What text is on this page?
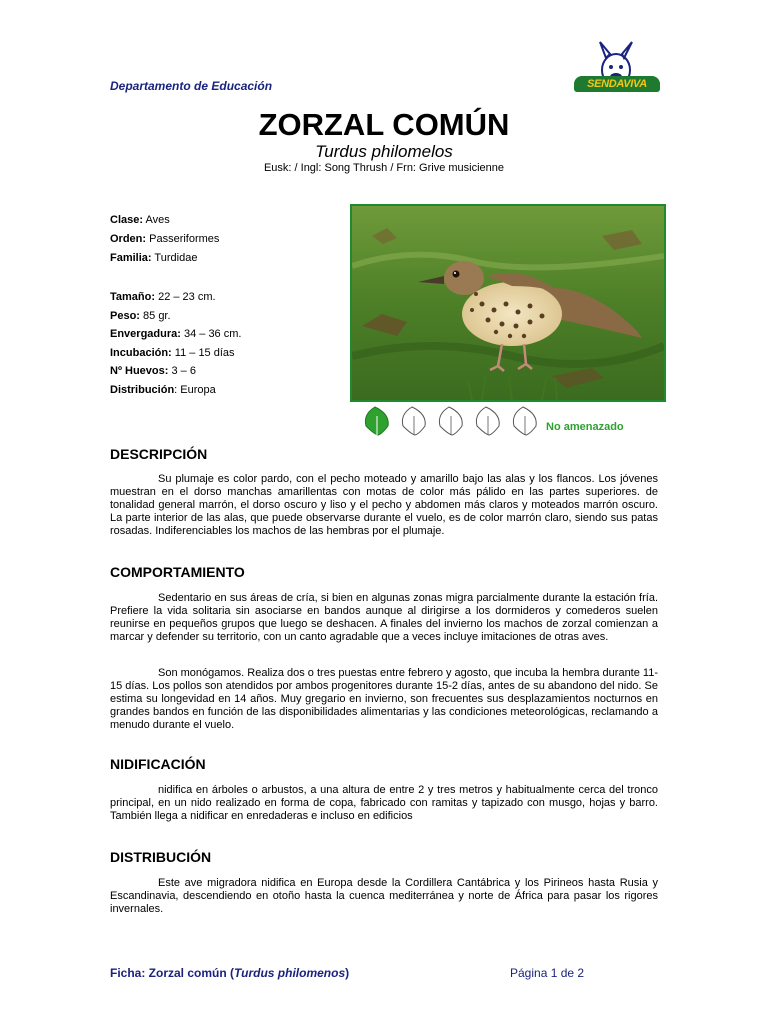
Departamento de Educación	SENDAVIVA
ZORZAL COMÚN
Turdus philomelos
Eusk: / Ingl: Song Thrush / Frn: Grive musicienne
Clase: Aves
Orden: Passeriformes
Familia: Turdidae
Tamaño: 22 – 23 cm.
Peso: 85 gr.
Envergadura: 34 – 36 cm.
Incubación: 11 – 15 días
Nº Huevos: 3 – 6
Distribución: Europa
No amenazado
DESCRIPCIÓN

Su plumaje es color pardo, con el pecho moteado y amarillo bajo las alas y los flancos. Los jóvenes muestran en el dorso manchas amarillentas con motas de color más pálido en las partes superiores. de tonalidad general marrón, el dorso oscuro y liso y el pecho y abdomen más claros y moteados marrón oscuro. La parte interior de las alas, que puede observarse durante el vuelo, es de color marrón claro, siendo sus patas rosadas. Indiferenciables los machos de las hembras por el plumaje.

COMPORTAMIENTO

Sedentario en sus áreas de cría, si bien en algunas zonas migra parcialmente durante la estación fría. Prefiere la vida solitaria sin asociarse en bandos aunque al dirigirse a los dormideros y comederos suelen reunirse en pequeños grupos que luego se deshacen. A finales del invierno los machos de zorzal comienzan a marcar y defender su territorio, con un canto agradable que a veces incluye imitaciones de otras aves.

Son monógamos. Realiza dos o tres puestas entre febrero y agosto, que incuba la hembra durante 11-15 días. Los pollos son atendidos por ambos progenitores durante 15-2 días, antes de su abandono del nido. Se estima su longevidad en 14 años. Muy gregario en invierno, son frecuentes sus desplazamientos nocturnos en grandes bandos en función de las disponibilidades alimentarias y las condiciones meteorológicas, reclamando a menudo durante el vuelo.

NIDIFICACIÓN

nidifica en árboles o arbustos, a una altura de entre 2 y tres metros y habitualmente cerca del tronco principal, en un nido realizado en forma de copa, fabricado con ramitas y tapizado con musgo, hojas y barro. También llega a nidificar en enredaderas e incluso en edificios

DISTRIBUCIÓN

Este ave migradora nidifica en Europa desde la Cordillera Cantábrica y los Pirineos hasta Rusia y Escandinavia, descendiendo en otoño hasta la cuenca mediterránea y norte de África para pasar los rigores invernales.

Ficha: Zorzal común (Turdus philomenos)	Página 1 de 2
